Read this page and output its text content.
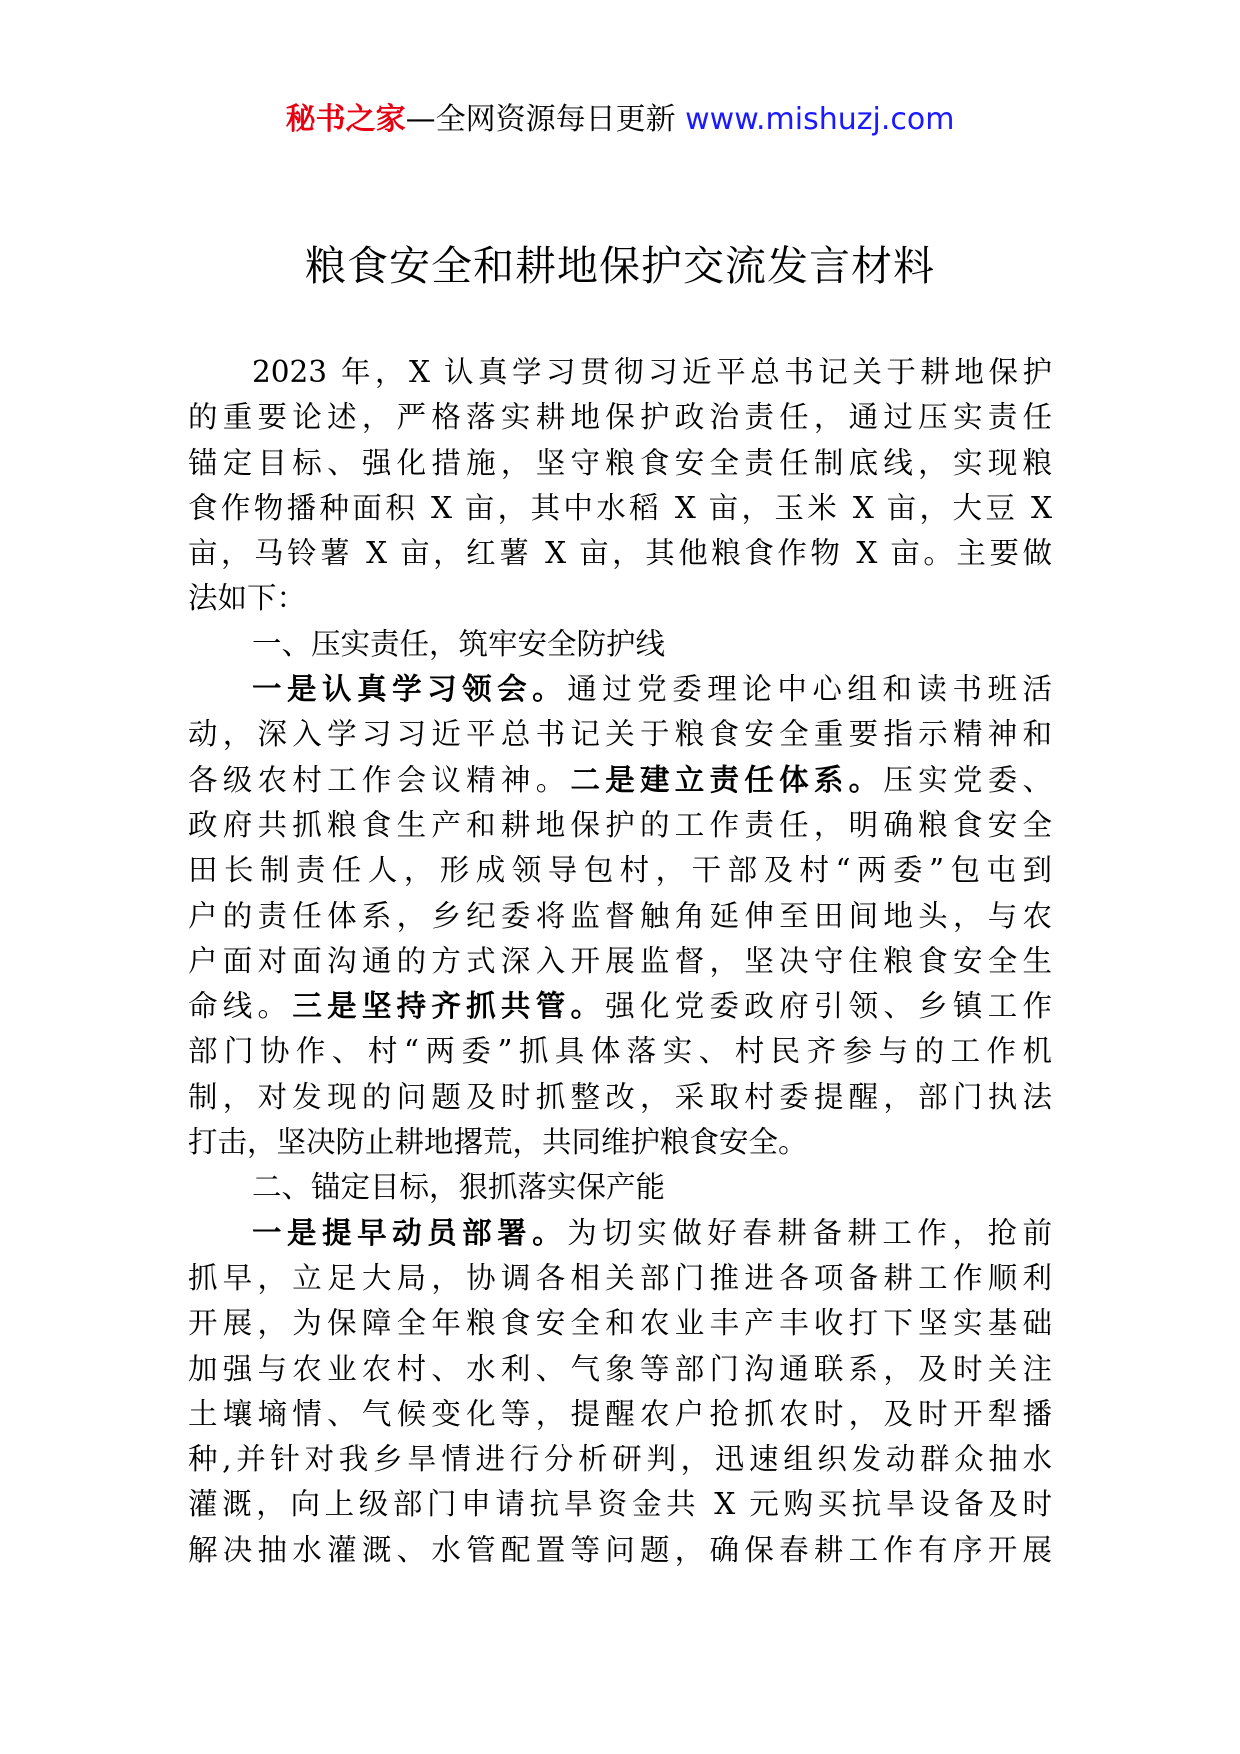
秘书之家—全网资源每日更新 www.mishuzj.com
粮食安全和耕地保护交流发言材料
2023 年，X 认真学习贯彻习近平总书记关于耕地保护
的重要论述，严格落实耕地保护政治责任，通过压实责任
锚定目标、强化措施，坚守粮食安全责任制底线，实现粮
食作物播种面积 X 亩，其中水稻 X 亩，玉米 X 亩，大豆 X
亩，马铃薯 X 亩，红薯 X 亩，其他粮食作物 X 亩。主要做
法如下：
一、压实责任，筑牢安全防护线
一是认真学习领会。通过党委理论中心组和读书班活
动，深入学习习近平总书记关于粮食安全重要指示精神和
各级农村工作会议精神。二是建立责任体系。压实党委、
政府共抓粮食生产和耕地保护的工作责任，明确粮食安全
田长制责任人，形成领导包村，干部及村“两委”包屯到
户的责任体系，乡纪委将监督触角延伸至田间地头，与农
户面对面沟通的方式深入开展监督，坚决守住粮食安全生
命线。三是坚持齐抓共管。强化党委政府引领、乡镇工作
部门协作、村“两委”抓具体落实、村民齐参与的工作机
制，对发现的问题及时抓整改，采取村委提醒，部门执法
打击，坚决防止耕地撂荒，共同维护粮食安全。
二、锚定目标，狠抓落实保产能
一是提早动员部署。为切实做好春耕备耕工作，抢前
抓早，立足大局，协调各相关部门推进各项备耕工作顺利
开展，为保障全年粮食安全和农业丰产丰收打下坚实基础
加强与农业农村、水利、气象等部门沟通联系，及时关注
土壤墒情、气候变化等，提醒农户抢抓农时，及时开犁播
种,并针对我乡旱情进行分析研判，迅速组织发动群众抽水
灌溉，向上级部门申请抗旱资金共 X 元购买抗旱设备及时
解决抽水灌溉、水管配置等问题，确保春耕工作有序开展
